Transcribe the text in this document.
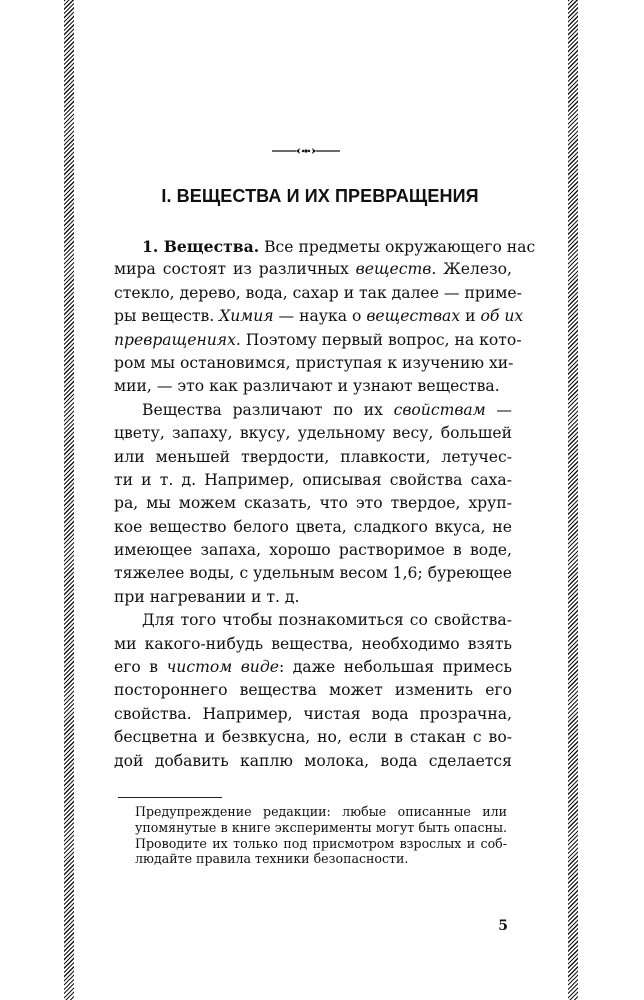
I. ВЕЩЕСТВА И ИХ ПРЕВРАЩЕНИЯ
1. Вещества. Все предметы окружающего нас
мира состоят из различных веществ. Железо,
стекло, дерево, вода, сахар и так далее — приме-
ры веществ. Химия — наука о веществах и об их
превращениях. Поэтому первый вопрос, на кото-
ром мы остановимся, приступая к изучению хи-
мии, — это как различают и узнают вещества.
Вещества различают по их свойствам —
цвету, запаху, вкусу, удельному весу, большей
или меньшей твердости, плавкости, летучес-
ти и т. д. Например, описывая свойства caxa-
ра, мы можем сказать, что это твердое, хруп-
кое вещество белого цвета, сладкого вкуса, не
имеющее запаха, хорошо растворимое в воде,
тяжелее воды, с удельным весом 1,6; буреющее
при нагревании и т. д.
Для того чтобы познакомиться со свойства-
ми какого-нибудь вещества, необходимо взять
его в чистом виде: даже небольшая примесь
постороннего вещества может изменить его
свойства. Например, чистая вода прозрачна,
бесцветна и безвкусна, но, если в стакан с во-
дой добавить каплю молока, вода сделается
Предупреждение редакции: любые описанные или
упомянутые в книге эксперименты могут быть опасны.
Проводите их только под присмотром взрослых и соб-
людайте правила техники безопасности.
5
